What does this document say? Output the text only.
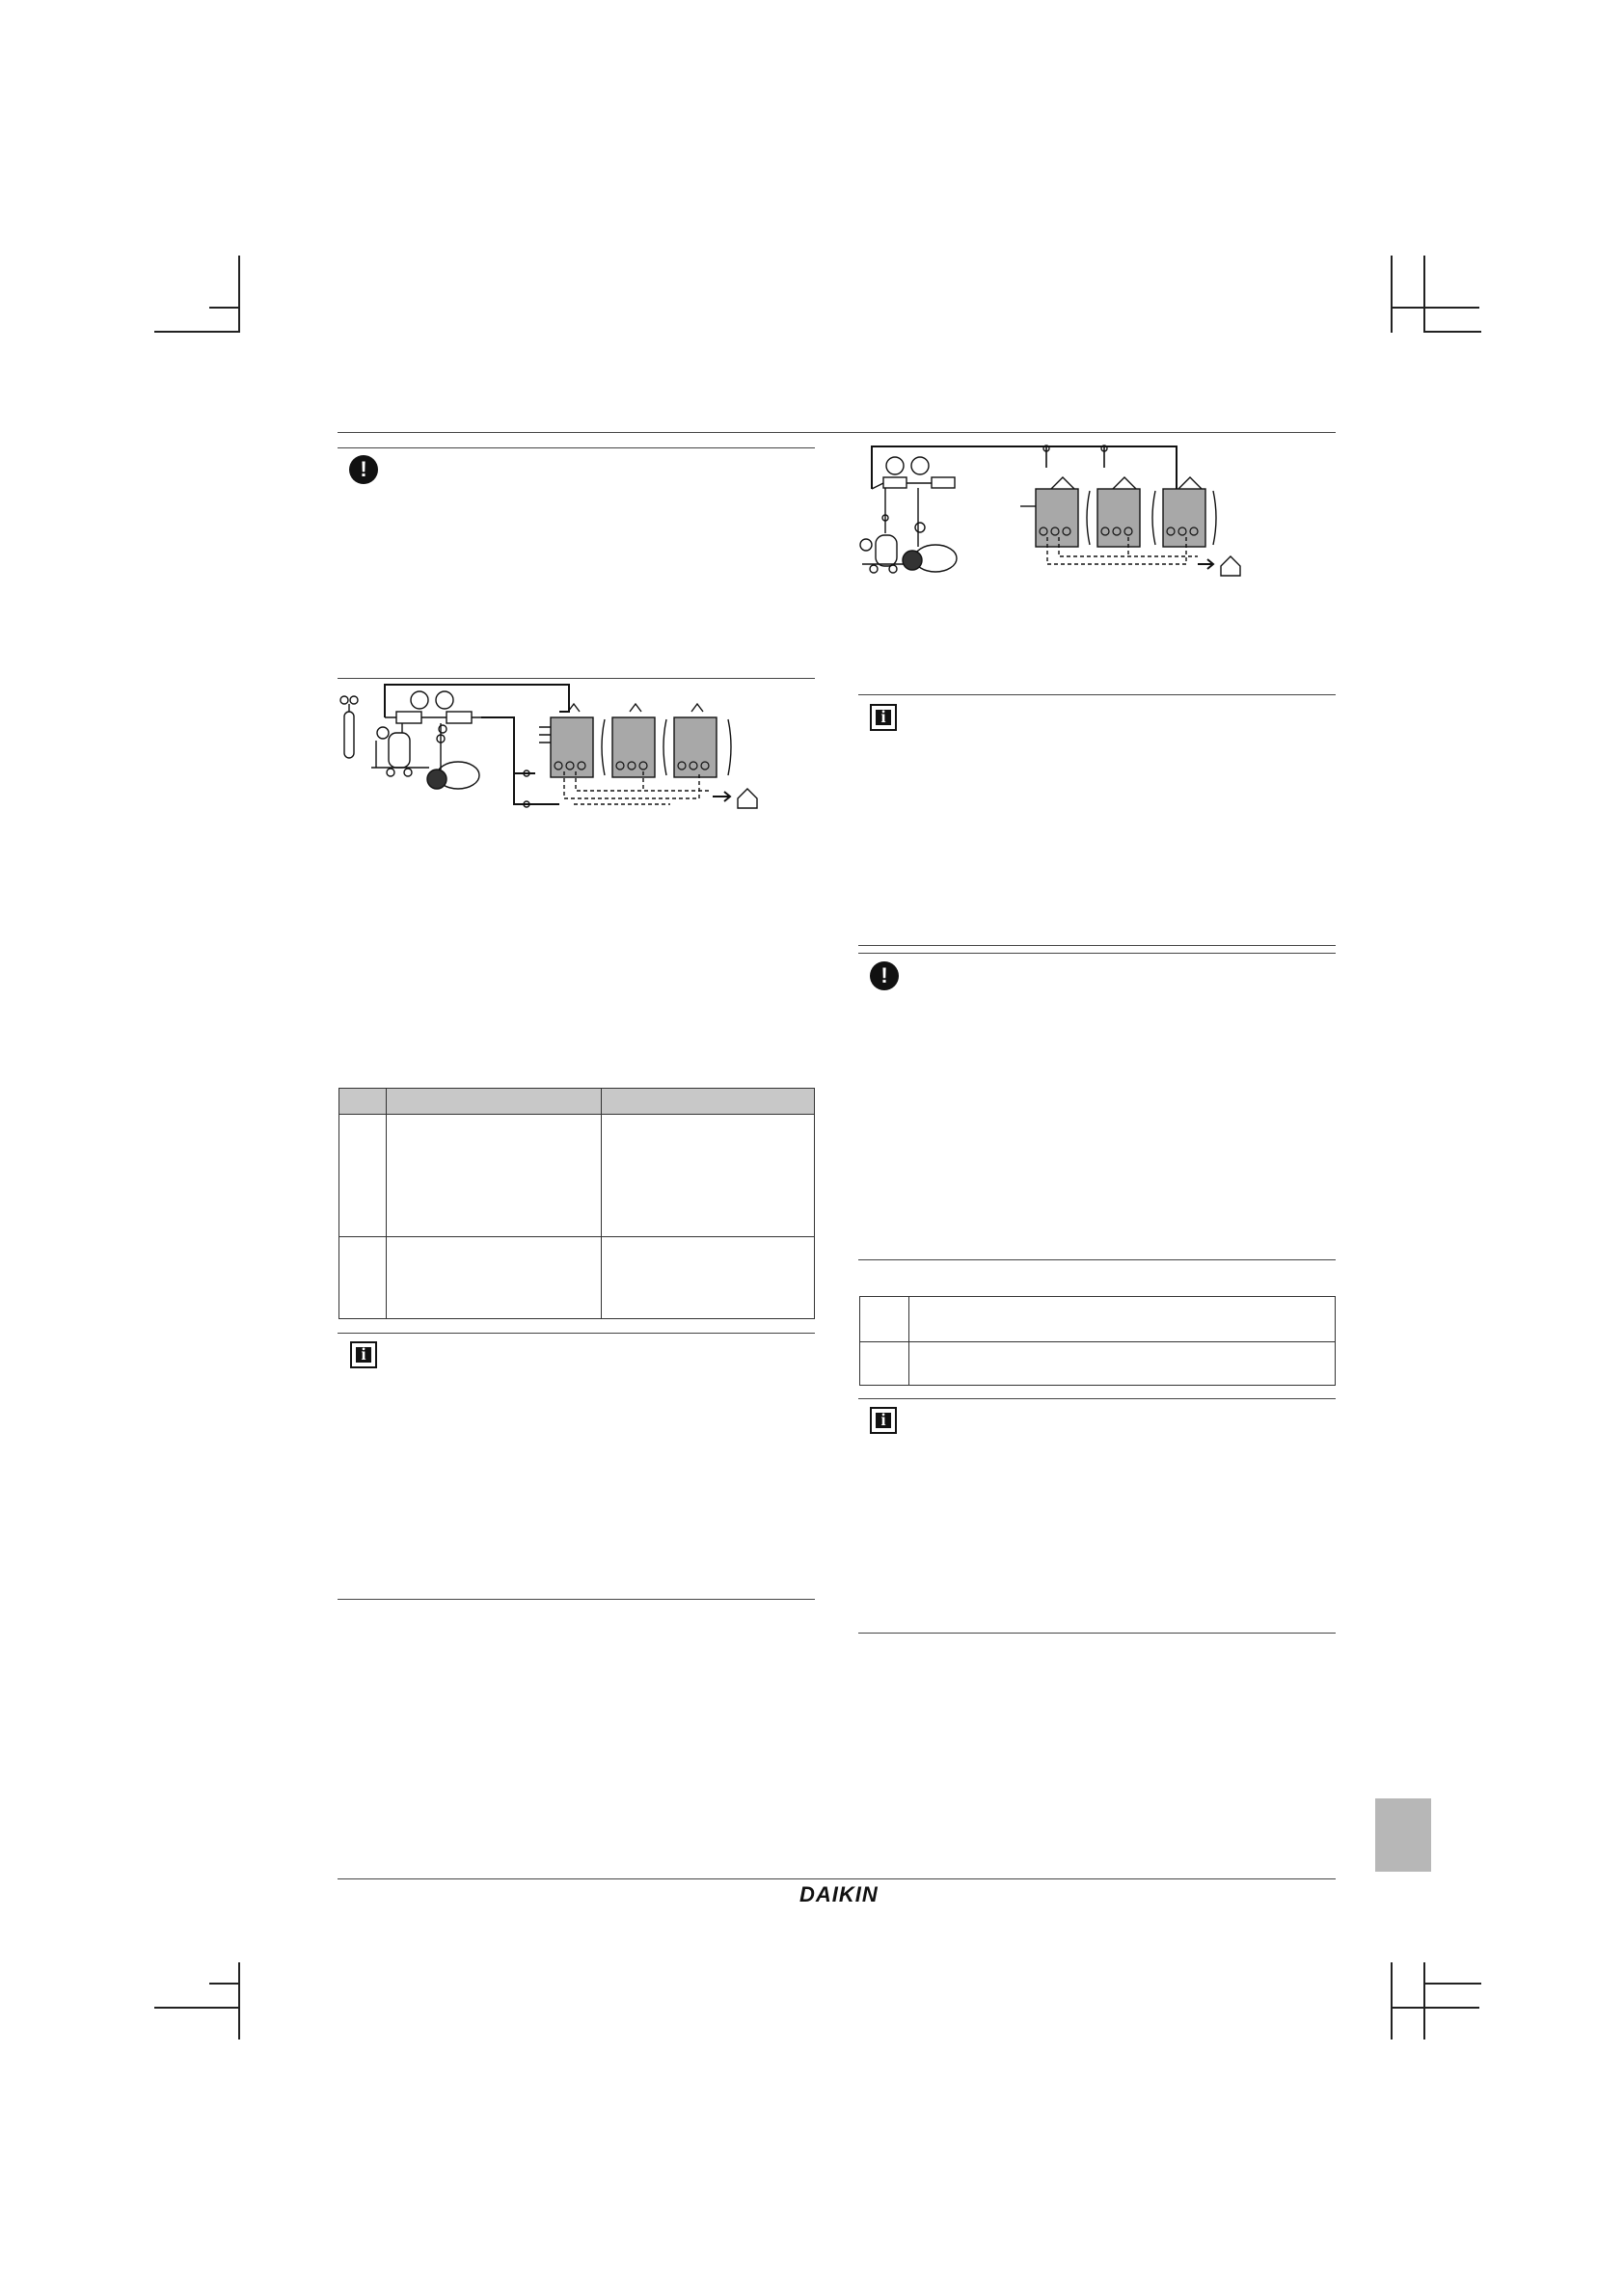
!

i
i
!

i
DAIKIN
